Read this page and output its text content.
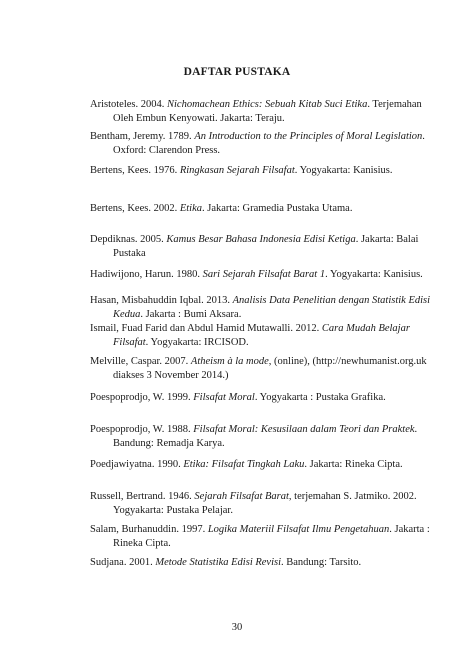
DAFTAR PUSTAKA
Aristoteles. 2004. Nichomachean Ethics: Sebuah Kitab Suci Etika. Terjemahan
Oleh Embun Kenyowati. Jakarta: Teraju.
Bentham, Jeremy. 1789. An Introduction to the Principles of Moral Legislation.
Oxford: Clarendon Press.
Bertens, Kees. 1976. Ringkasan Sejarah Filsafat. Yogyakarta: Kanisius.
Bertens, Kees. 2002. Etika. Jakarta: Gramedia Pustaka Utama.
Depdiknas. 2005. Kamus Besar Bahasa Indonesia Edisi Ketiga. Jakarta: Balai
Pustaka
Hadiwijono, Harun. 1980. Sari Sejarah Filsafat Barat 1. Yogyakarta: Kanisius.
Hasan, Misbahuddin Iqbal. 2013. Analisis Data Penelitian dengan Statistik Edisi
Kedua. Jakarta : Bumi Aksara.
Ismail, Fuad Farid dan Abdul Hamid Mutawalli. 2012. Cara Mudah Belajar
Filsafat. Yogyakarta: IRCISOD.
Melville, Caspar. 2007. Atheism à la mode, (online), (http://newhumanist.org.uk
diakses 3 November 2014.)
Poespoprodjo, W. 1999. Filsafat Moral. Yogyakarta : Pustaka Grafika.
Poespoprodjo, W. 1988. Filsafat Moral: Kesusilaan dalam Teori dan Praktek.
Bandung: Remadja Karya.
Poedjawiyatna. 1990. Etika: Filsafat Tingkah Laku. Jakarta: Rineka Cipta.
Russell, Bertrand. 1946. Sejarah Filsafat Barat, terjemahan S. Jatmiko. 2002.
Yogyakarta: Pustaka Pelajar.
Salam, Burhanuddin. 1997. Logika Materiil Filsafat Ilmu Pengetahuan. Jakarta :
Rineka Cipta.
Sudjana. 2001. Metode Statistika Edisi Revisi. Bandung: Tarsito.
30
